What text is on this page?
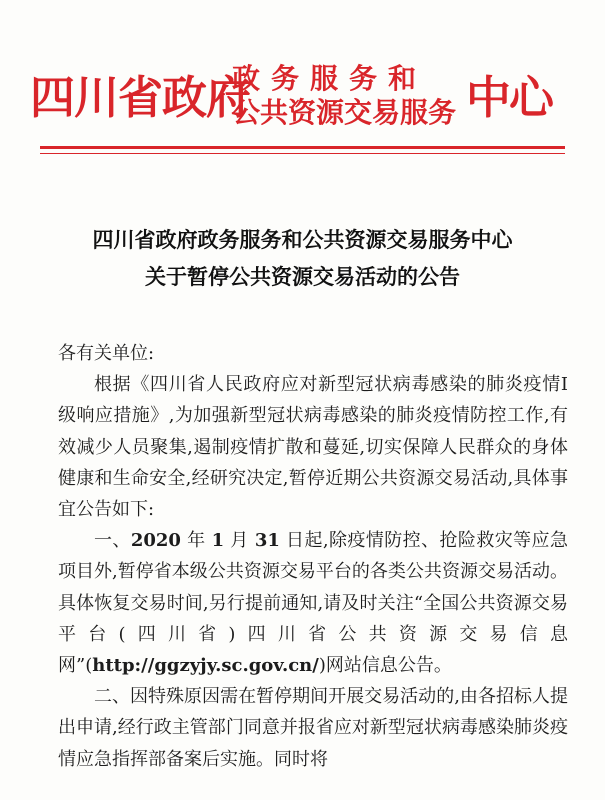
四川省政府
政务服务和
公共资源交易服务 中心
四川省政府政务服务和公共资源交易服务中心
关于暂停公共资源交易活动的公告

各有关单位:

根据《四川省人民政府应对新型冠状病毒感染的肺炎疫情Ⅰ级响应措施》,为加强新型冠状病毒感染的肺炎疫情防控工作,有效减少人员聚集,遏制疫情扩散和蔓延,切实保障人民群众的身体健康和生命安全,经研究决定,暂停近期公共资源交易活动,具体事宜公告如下:

一、2020 年 1 月 31 日起,除疫情防控、抢险救灾等应急项目外,暂停省本级公共资源交易平台的各类公共资源交易活动。具体恢复交易时间,另行提前通知,请及时关注“全国公共资源交易平台(四川省)四川省公共资源交易信息网”(http://ggzyjy.sc.gov.cn/)网站信息公告。

二、因特殊原因需在暂停期间开展交易活动的,由各招标人提出申请,经行政主管部门同意并报省应对新型冠状病毒感染肺炎疫情应急指挥部备案后实施。同时将
